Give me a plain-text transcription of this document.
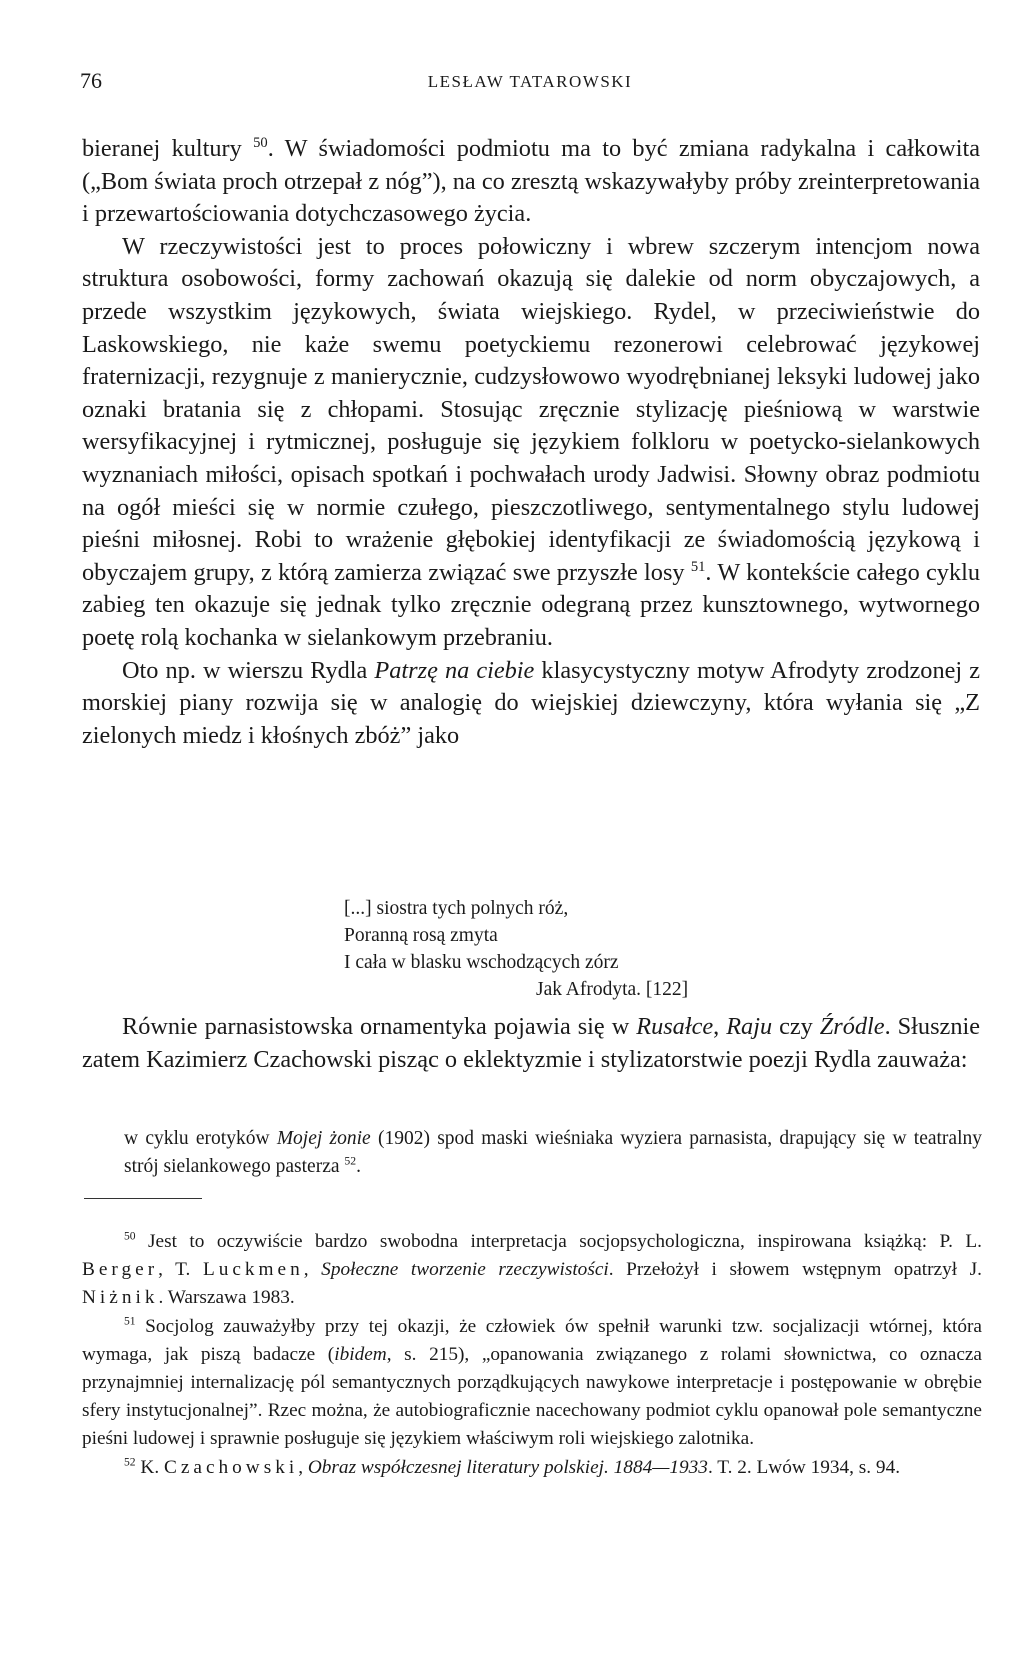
76	LESŁAW TATAROWSKI

bieranej kultury $^{50}$. W świadomości podmiotu ma to być zmiana radykalna i całkowita („Bom świata proch otrzepał z nóg”), na co zresztą wskazywałyby próby zreinterpretowania i przewartościowania dotychczasowego życia.

W rzeczywistości jest to proces połowiczny i wbrew szczerym intencjom nowa struktura osobowości, formy zachowań okazują się dalekie od norm obyczajowych, a przede wszystkim językowych, świata wiejskiego. Rydel, w przeciwieństwie do Laskowskiego, nie każe swemu poetyckiemu rezonerowi celebrować językowej fraternizacji, rezygnuje z manierycznie, cudzysłowowo wyodrębnianej leksyki ludowej jako oznaki bratania się z chłopami. Stosując zręcznie stylizację pieśniową w warstwie wersyfikacyjnej i rytmicznej, posługuje się językiem folkloru w poetycko-sielankowych wyznaniach miłości, opisach spotkań i pochwałach urody Jadwisi. Słowny obraz podmiotu na ogół mieści się w normie czułego, pieszczotliwego, sentymentalnego stylu ludowej pieśni miłosnej. Robi to wrażenie głębokiej identyfikacji ze świadomością językową i obyczajem grupy, z którą zamierza związać swe przyszłe losy $^{51}$. W kontekście całego cyklu zabieg ten okazuje się jednak tylko zręcznie odegraną przez kunsztownego, wytwornego poetę rolą kochanka w sielankowym przebraniu.

Oto np. w wierszu Rydla Patrzę na ciebie klasycystyczny motyw Afrodyty zrodzonej z morskiej piany rozwija się w analogię do wiejskiej dziewczyny, która wyłania się „Z zielonych miedz i kłośnych zbóż” jako

[...] siostra tych polnych róż,
Poranną rosą zmyta
I cała w blasku wschodzących zórz
Jak Afrodyta. [122]

Równie parnasistowska ornamentyka pojawia się w Rusałce, Raju czy Źródle. Słusznie zatem Kazimierz Czachowski pisząc o eklektyzmie i stylizatorstwie poezji Rydla zauważa:

w cyklu erotyków Mojej żonie (1902) spod maski wieśniaka wyziera parnasista, drapujący się w teatralny strój sielankowego pasterza $^{52}$.

$^{50}$ Jest to oczywiście bardzo swobodna interpretacja socjopsychologiczna, inspirowana książką: P. L. Berger, T. Luckmen, Społeczne tworzenie rzeczywistości. Przełożył i słowem wstępnym opatrzył J. Niżnik. Warszawa 1983.

$^{51}$ Socjolog zauważyłby przy tej okazji, że człowiek ów spełnił warunki tzw. socjalizacji wtórnej, która wymaga, jak piszą badacze (ibidem, s. 215), „opanowania związanego z rolami słownictwa, co oznacza przynajmniej internalizację pól semantycznych porządkujących nawykowe interpretacje i postępowanie w obrębie sfery instytucjonalnej”. Rzec można, że autobiograficznie nacechowany podmiot cyklu opanował pole semantyczne pieśni ludowej i sprawnie posługuje się językiem właściwym roli wiejskiego zalotnika.

$^{52}$ K. Czachowski, Obraz współczesnej literatury polskiej. 1884—1933. T. 2. Lwów 1934, s. 94.
